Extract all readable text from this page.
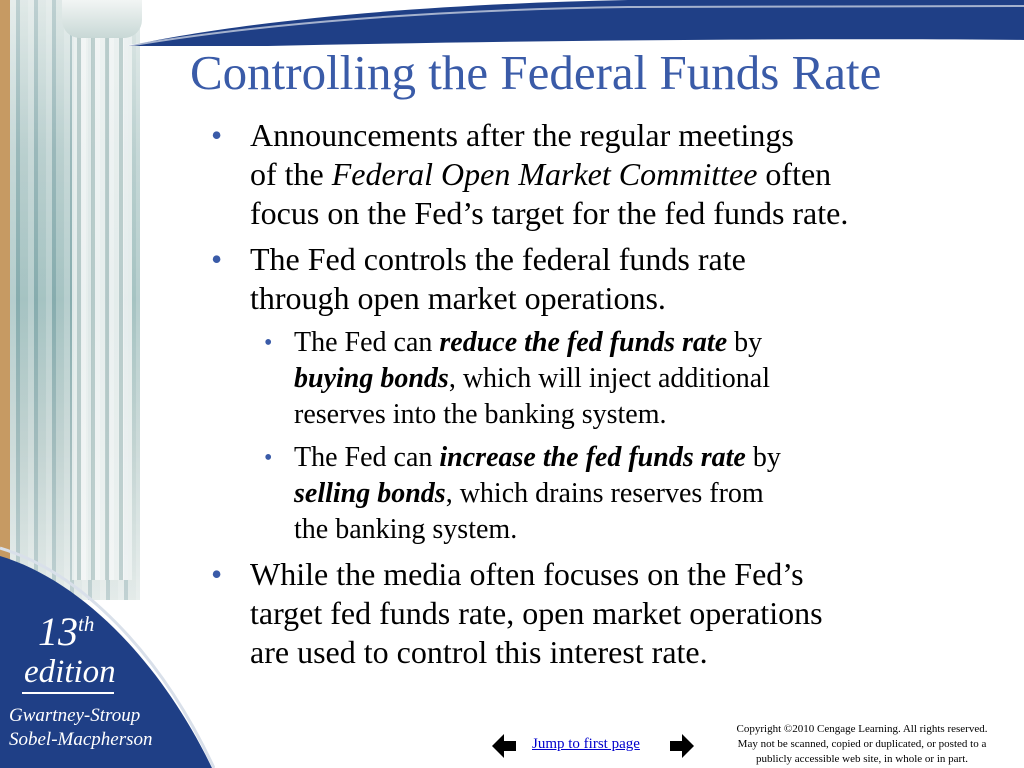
13th
edition
Gwartney-Stroup
Sobel-Macpherson
Controlling the Federal Funds Rate
• Announcements after the regular meetings
of the Federal Open Market Committee often
focus on the Fed’s target for the fed funds rate.
• The Fed controls the federal funds rate
through open market operations.
• The Fed can reduce the fed funds rate by
buying bonds, which will inject additional
reserves into the banking system.
• The Fed can increase the fed funds rate by
selling bonds, which drains reserves from
the banking system.
• While the media often focuses on the Fed’s
target fed funds rate, open market operations
are used to control this interest rate.
Jump to first page
Copyright ©2010 Cengage Learning. All rights reserved.
May not be scanned, copied or duplicated, or posted to a
publicly accessible web site, in whole or in part.
